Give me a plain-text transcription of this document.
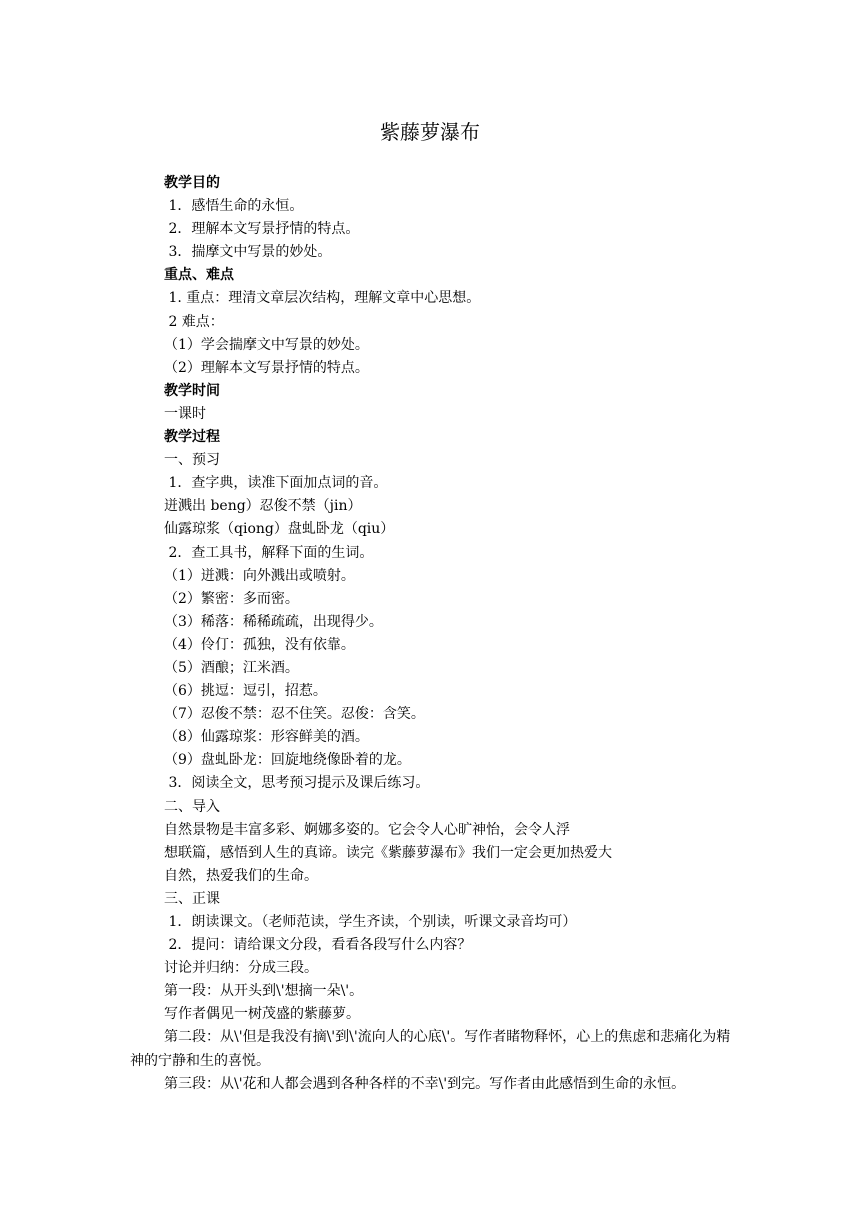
紫藤萝瀑布
教学目的
1．感悟生命的永恒。
2．理解本文写景抒情的特点。
3．揣摩文中写景的妙处。
重点、难点
1. 重点：理清文章层次结构，理解文章中心思想。
2 难点：
（1）学会揣摩文中写景的妙处。
（2）理解本文写景抒情的特点。
教学时间
一课时
教学过程
一、预习
1．查字典，读准下面加点词的音。
迸溅出 beng）忍俊不禁（jin）
仙露琼浆（qiong）盘虬卧龙（qiu）
2．查工具书，解释下面的生词。
（1）迸溅：向外溅出或喷射。
（2）繁密：多而密。
（3）稀落：稀稀疏疏，出现得少。
（4）伶仃：孤独，没有依靠。
（5）酒酿；江米酒。
（6）挑逗：逗引，招惹。
（7）忍俊不禁：忍不住笑。忍俊：含笑。
（8）仙露琼浆：形容鲜美的酒。
（9）盘虬卧龙：回旋地绕像卧着的龙。
3．阅读全文，思考预习提示及课后练习。
二、导入
自然景物是丰富多彩、婀娜多姿的。它会令人心旷神怡，会令人浮
想联篇，感悟到人生的真谛。读完《紫藤萝瀑布》我们一定会更加热爱大
自然，热爱我们的生命。
三、正课
1．朗读课文。（老师范读，学生齐读，个别读，听课文录音均可）
2．提问：请给课文分段，看看各段写什么内容？
讨论并归纳：分成三段。
第一段：从开头到\'想摘一朵\'。
写作者偶见一树茂盛的紫藤萝。
第二段：从\'但是我没有摘\'到\'流向人的心底\'。写作者睹物释怀，心上的焦虑和悲痛化为精神的宁静和生的喜悦。
第三段：从\'花和人都会遇到各种各样的不幸\'到完。写作者由此感悟到生命的永恒。
